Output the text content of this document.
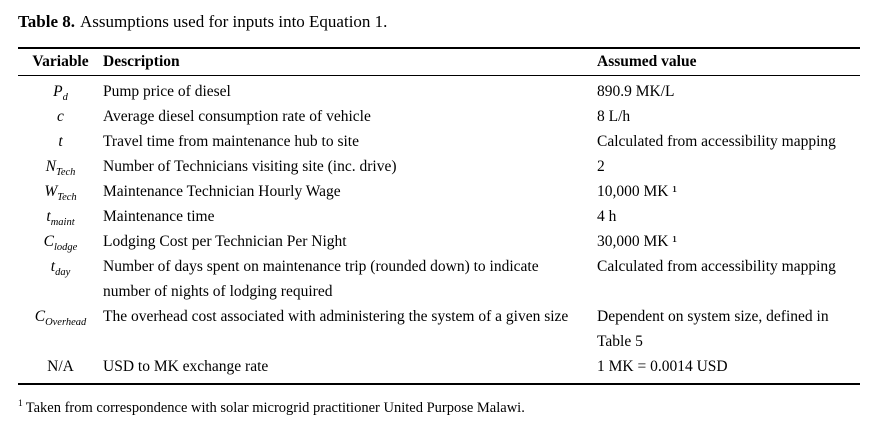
Table 8. Assumptions used for inputs into Equation 1.

Variable	Description	Assumed value
$P_d$	Pump price of diesel	890.9 MK/L
c	Average diesel consumption rate of vehicle	8 L/h
t	Travel time from maintenance hub to site	Calculated from accessibility mapping
$N_{Tech}$	Number of Technicians visiting site (inc. drive)	2
$W_{Tech}$	Maintenance Technician Hourly Wage	10,000 MK ¹
$t_{maint}$	Maintenance time	4 h
$C_{lodge}$	Lodging Cost per Technician Per Night	30,000 MK ¹
$t_{day}$	Number of days spent on maintenance trip (rounded down) to indicate number of nights of lodging required	Calculated from accessibility mapping
$C_{Overhead}$	The overhead cost associated with administering the system of a given size	Dependent on system size, defined in Table 5
N/A	USD to MK exchange rate	1 MK = 0.0014 USD

$^1$ Taken from correspondence with solar microgrid practitioner United Purpose Malawi.
